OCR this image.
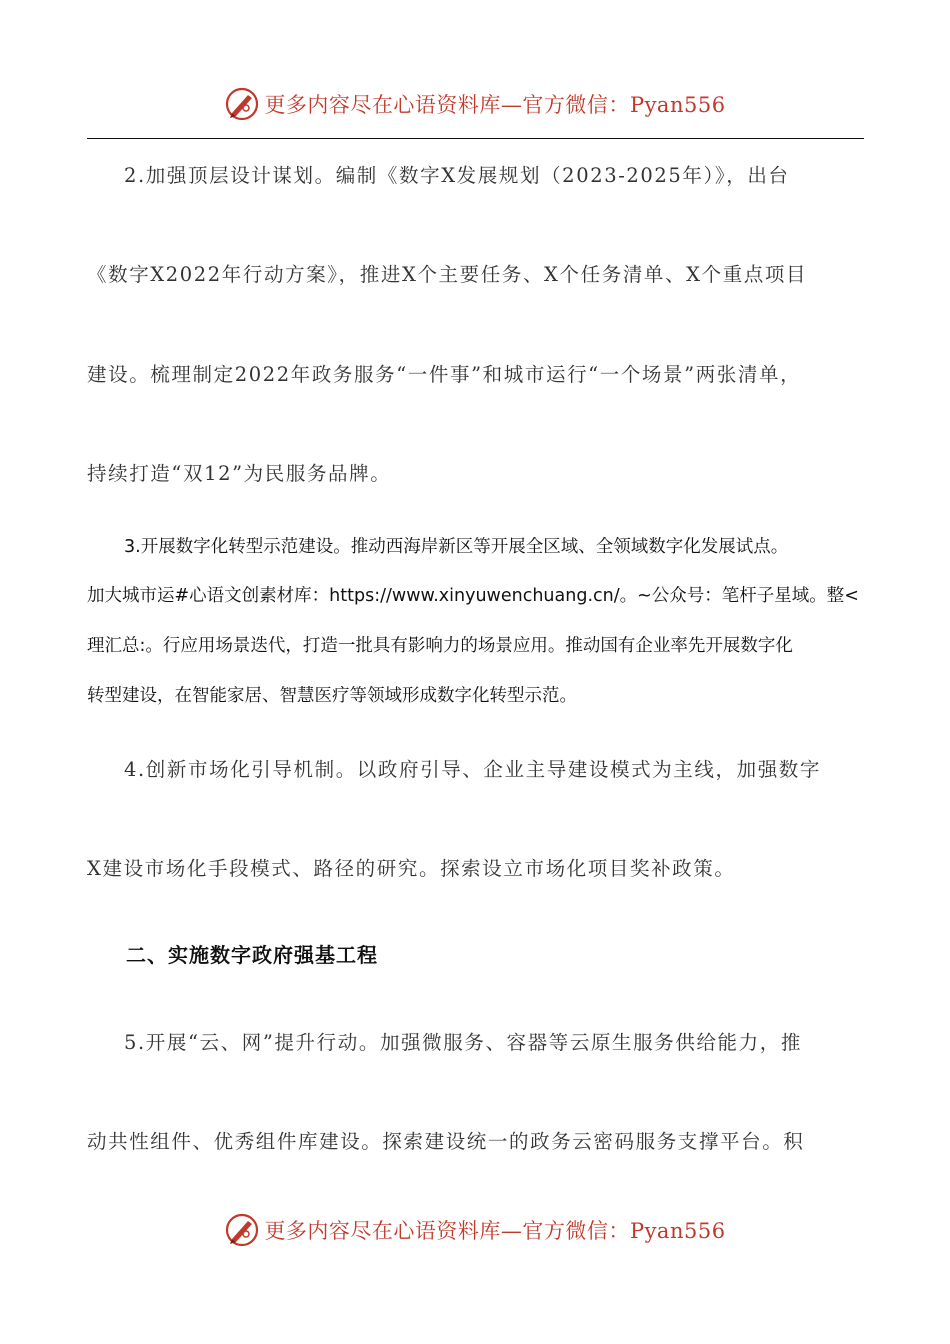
更多内容尽在心语资料库—官方微信：Pyan556
2.加强顶层设计谋划。编制《数字X发展规划（2023-2025年）》，出台
《数字X2022年行动方案》，推进X个主要任务、X个任务清单、X个重点项目
建设。梳理制定2022年政务服务“一件事”和城市运行“一个场景”两张清单，
持续打造“双12”为民服务品牌。
3.开展数字化转型示范建设。推动西海岸新区等开展全区域、全领域数字化发展试点。
加大城市运#心语文创素材库：https://www.xinyuwenchuang.cn/。~公众号：笔杆子星域。整<
理汇总:。行应用场景迭代，打造一批具有影响力的场景应用。推动国有企业率先开展数字化
转型建设，在智能家居、智慧医疗等领域形成数字化转型示范。
4.创新市场化引导机制。以政府引导、企业主导建设模式为主线，加强数字
X建设市场化手段模式、路径的研究。探索设立市场化项目奖补政策。
二、实施数字政府强基工程
5.开展“云、网”提升行动。加强微服务、容器等云原生服务供给能力，推
动共性组件、优秀组件库建设。探索建设统一的政务云密码服务支撑平台。积
更多内容尽在心语资料库—官方微信：Pyan556
